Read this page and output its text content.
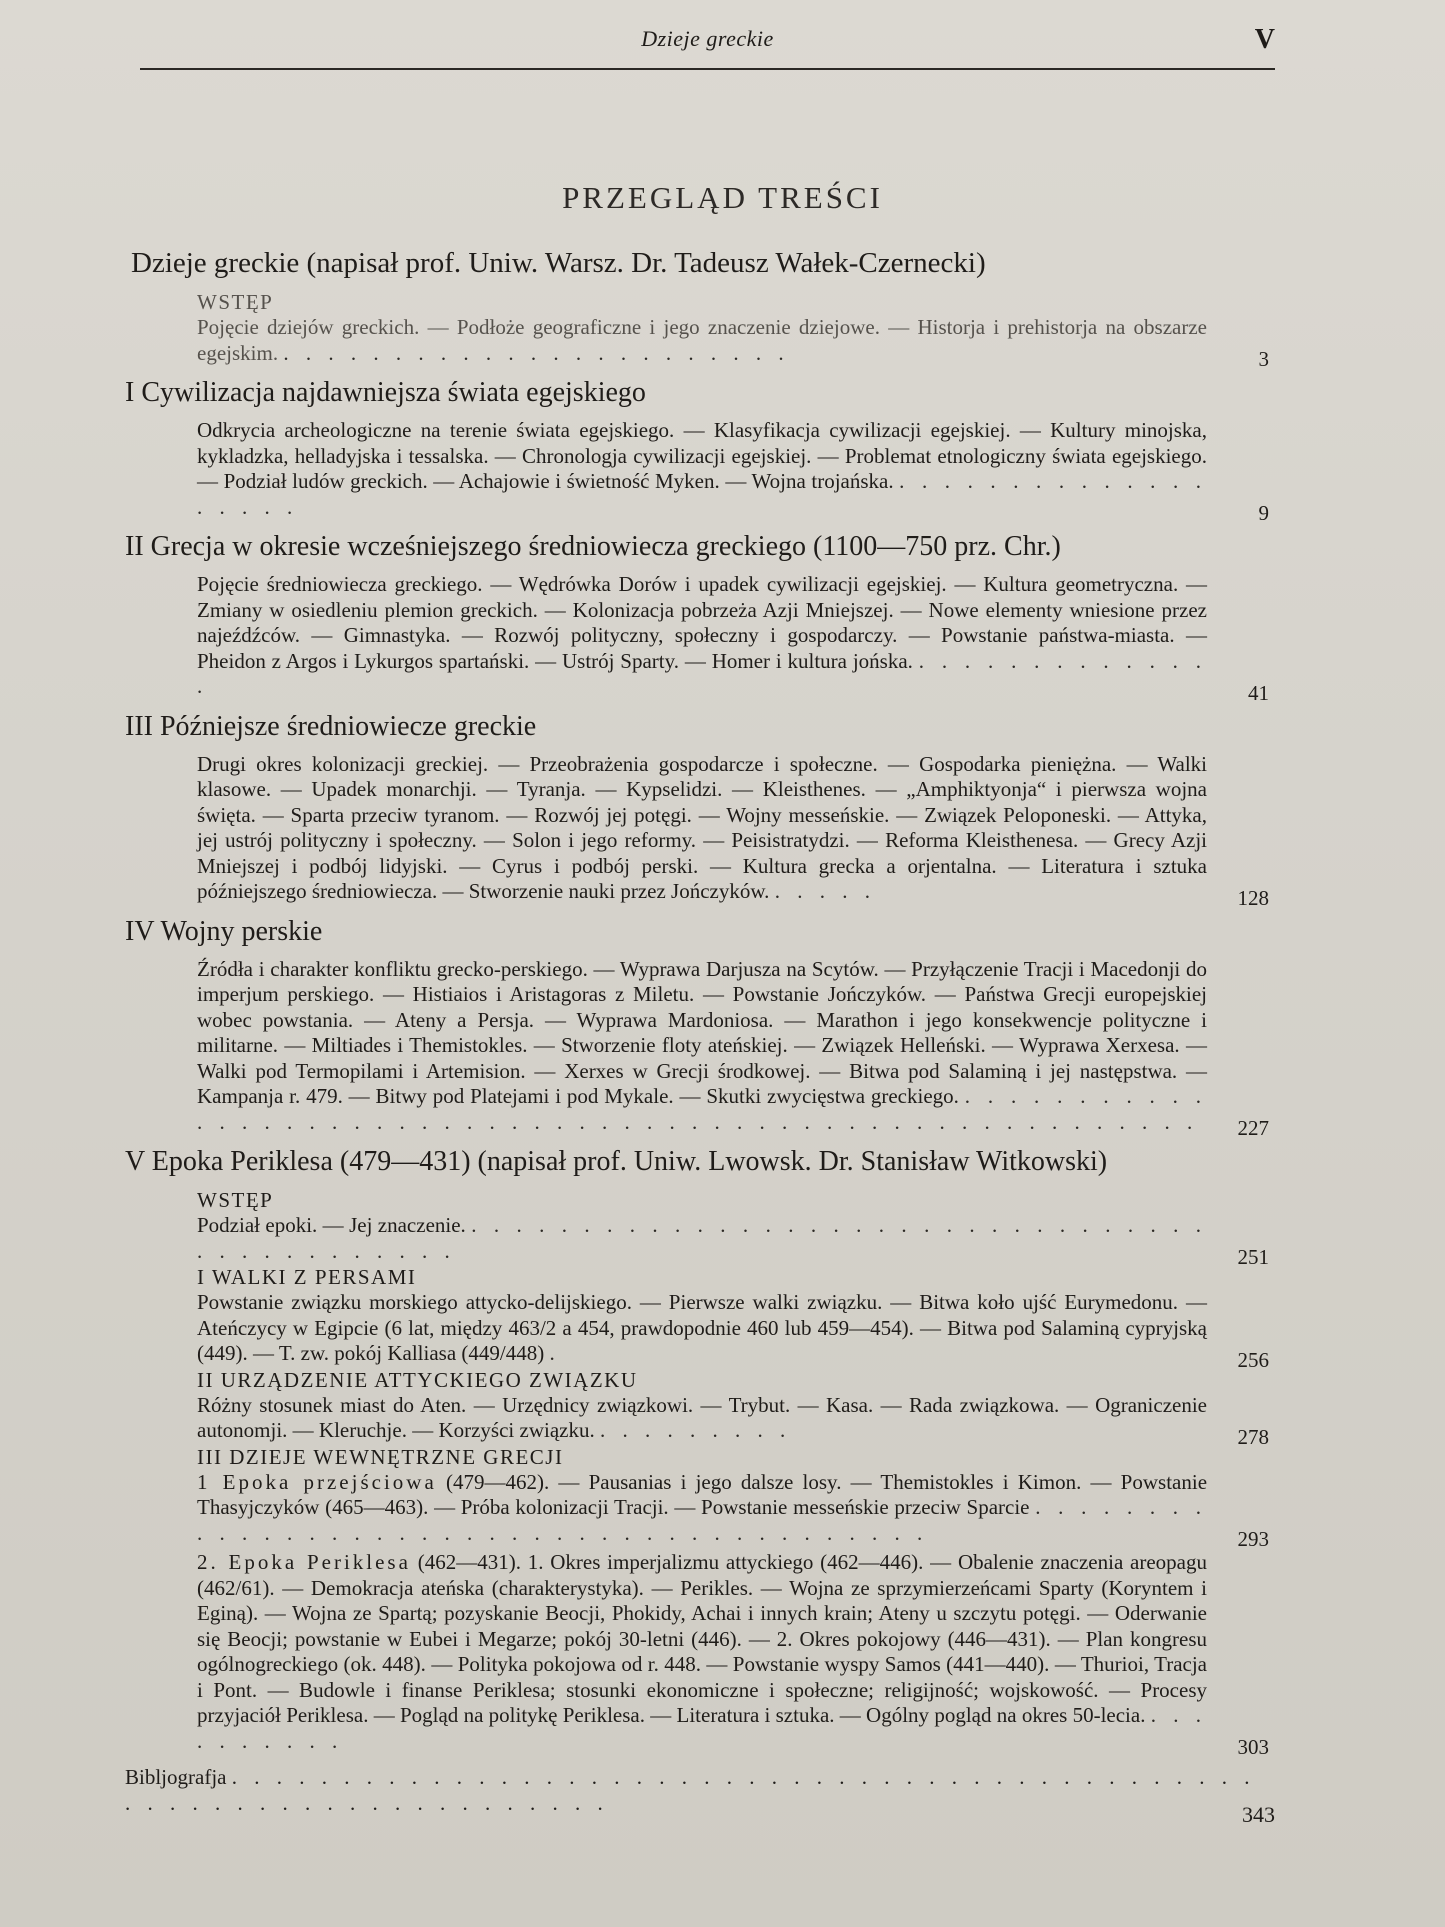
Dzieje greckie	V
PRZEGLĄD TREŚCI
Dzieje greckie (napisał prof. Uniw. Warsz. Dr. Tadeusz Wałek-Czernecki)
WSTĘP
Pojęcie dziejów greckich. — Podłoże geograficzne i jego znaczenie dziejowe. — Historja i prehistorja na obszarze egejskim. . . . . . . . . . . . . . . . . . . . . . . .	3
I Cywilizacja najdawniejsza świata egejskiego
Odkrycia archeologiczne na terenie świata egejskiego. — Klasyfikacja cywilizacji egejskiej. — Kultury minojska, kykladzka, helladyjska i tessalska. — Chronologja cywilizacji egejskiej. — Problemat etnologiczny świata egejskiego. — Podział ludów greckich. — Achajowie i świetność Myken. — Wojna trojańska. . . . . . . . . . . . . . . . . . . .	9
II Grecja w okresie wcześniejszego średniowiecza greckiego (1100—750 prz. Chr.)
Pojęcie średniowiecza greckiego. — Wędrówka Dorów i upadek cywilizacji egejskiej. — Kultura geometryczna. — Zmiany w osiedleniu plemion greckich. — Kolonizacja pobrzeża Azji Mniejszej. — Nowe elementy wniesione przez najeźdźców. — Gimnastyka. — Rozwój polityczny, społeczny i gospodarczy. — Powstanie państwa-miasta. — Pheidon z Argos i Lykurgos spartański. — Ustrój Sparty. — Homer i kultura jońska. . . . . . . . . . . . . . .	41
III Późniejsze średniowiecze greckie
Drugi okres kolonizacji greckiej. — Przeobrażenia gospodarcze i społeczne. — Gospodarka pieniężna. — Walki klasowe. — Upadek monarchji. — Tyranja. — Kypselidzi. — Kleisthenes. — „Amphiktyonja“ i pierwsza wojna święta. — Sparta przeciw tyranom. — Rozwój jej potęgi. — Wojny messeńskie. — Związek Peloponeski. — Attyka, jej ustrój polityczny i społeczny. — Solon i jego reformy. — Peisistratydzi. — Reforma Kleisthenesa. — Grecy Azji Mniejszej i podbój lidyjski. — Cyrus i podbój perski. — Kultura grecka a orjentalna. — Literatura i sztuka późniejszego średniowiecza. — Stworzenie nauki przez Jończyków. . . . . .	128
IV Wojny perskie
Źródła i charakter konfliktu grecko-perskiego. — Wyprawa Darjusza na Scytów. — Przyłączenie Tracji i Macedonji do imperjum perskiego. — Histiaios i Aristagoras z Miletu. — Powstanie Jończyków. — Państwa Grecji europejskiej wobec powstania. — Ateny a Persja. — Wyprawa Mardoniosa. — Marathon i jego konsekwencje polityczne i militarne. — Miltiades i Themistokles. — Stworzenie floty ateńskiej. — Związek Helleński. — Wyprawa Xerxesa. — Walki pod Termopilami i Artemision. — Xerxes w Grecji środkowej. — Bitwa pod Salaminą i jej następstwa. — Kampanja r. 479. — Bitwy pod Platejami i pod Mykale. — Skutki zwycięstwa greckiego. . . . . . . . . . . . . . . . . . . . . . . . . . . . . . . . . . . . . . . . . . . . . . . . . . . . . . . . .	227
V Epoka Periklesa (479—431) (napisał prof. Uniw. Lwowsk. Dr. Stanisław Witkowski)
WSTĘP
Podział epoki. — Jej znaczenie. . . . . . . . . . . . . . . . . . . . . . . . . . . . . . . . . . . . . . . . . . . . . .	251
I WALKI Z PERSAMI
Powstanie związku morskiego attycko-delijskiego. — Pierwsze walki związku. — Bitwa koło ujść Eurymedonu. — Ateńczycy w Egipcie (6 lat, między 463/2 a 454, prawdopodnie 460 lub 459—454). — Bitwa pod Salaminą cypryjską (449). — T. zw. pokój Kalliasa (449/448) .	256
II URZĄDZENIE ATTYCKIEGO ZWIĄZKU
Różny stosunek miast do Aten. — Urzędnicy związkowi. — Trybut. — Kasa. — Rada związkowa. — Ograniczenie autonomji. — Kleruchje. — Korzyści związku. . . . . . . . . .	278
III DZIEJE WEWNĘTRZNE GRECJI
1 Epoka przejściowa (479—462). — Pausanias i jego dalsze losy. — Themistokles i Kimon. — Powstanie Thasyjczyków (465—463). — Próba kolonizacji Tracji. — Powstanie messeńskie przeciw Sparcie . . . . . . . . . . . . . . . . . . . . . . . . . . . . . . . . . . . . . . . . .	293
2. Epoka Periklesa (462—431). 1. Okres imperjalizmu attyckiego (462—446). — Obalenie znaczenia areopagu (462/61). — Demokracja ateńska (charakterystyka). — Perikles. — Wojna ze sprzymierzeńcami Sparty (Koryntem i Eginą). — Wojna ze Spartą; pozyskanie Beocji, Phokidy, Achai i innych krain; Ateny u szczytu potęgi. — Oderwanie się Beocji; powstanie w Eubei i Megarze; pokój 30-letni (446). — 2. Okres pokojowy (446—431). — Plan kongresu ogólnogreckiego (ok. 448). — Polityka pokojowa od r. 448. — Powstanie wyspy Samos (441—440). — Thurioi, Tracja i Pont. — Budowle i finanse Periklesa; stosunki ekonomiczne i społeczne; religijność; wojskowość. — Procesy przyjaciół Periklesa. — Pogląd na politykę Periklesa. — Literatura i sztuka. — Ogólny pogląd na okres 50-lecia. . . . . . . . . . .	303
Bibljografja . . . . . . . . . . . . . . . . . . . . . . . . . . . . . . . . . . . . . . . . . . . . . . . . . . . . . . . . . . . . . . . . . . . .	343
